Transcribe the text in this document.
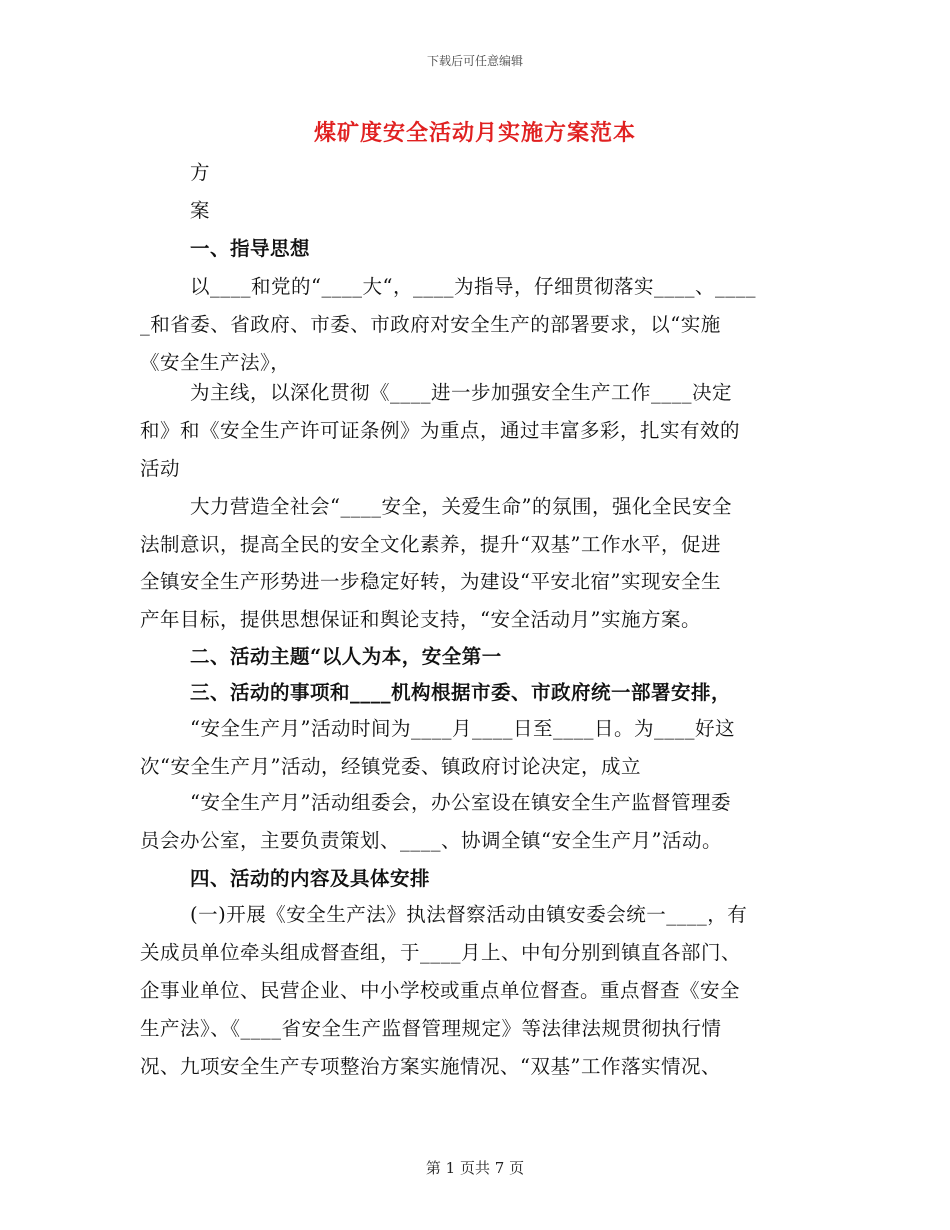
下载后可任意编辑
煤矿度安全活动月实施方案范本
方
案
一、指导思想
以____和党的“____大“，____为指导，仔细贯彻落实____、____
_和省委、省政府、市委、市政府对安全生产的部署要求，以“实施
《安全生产法》，
为主线，以深化贯彻《____进一步加强安全生产工作____决定
和》和《安全生产许可证条例》为重点，通过丰富多彩，扎实有效的
活动
大力营造全社会“____安全，关爱生命”的氛围，强化全民安全
法制意识，提高全民的安全文化素养，提升“双基”工作水平，促进
全镇安全生产形势进一步稳定好转，为建设“平安北宿”实现安全生
产年目标，提供思想保证和舆论支持，“安全活动月”实施方案。
二、活动主题“以人为本，安全第一
三、活动的事项和____机构根据市委、市政府统一部署安排，
“安全生产月”活动时间为____月____日至____日。为____好这
次“安全生产月”活动，经镇党委、镇政府讨论决定，成立
“安全生产月”活动组委会，办公室设在镇安全生产监督管理委
员会办公室，主要负责策划、____、协调全镇“安全生产月”活动。
四、活动的内容及具体安排
(一)开展《安全生产法》执法督察活动由镇安委会统一____，有
关成员单位牵头组成督查组，于____月上、中旬分别到镇直各部门、
企事业单位、民营企业、中小学校或重点单位督查。重点督查《安全
生产法》、《____省安全生产监督管理规定》等法律法规贯彻执行情
况、九项安全生产专项整治方案实施情况、“双基”工作落实情况、
第 1 页共 7 页
